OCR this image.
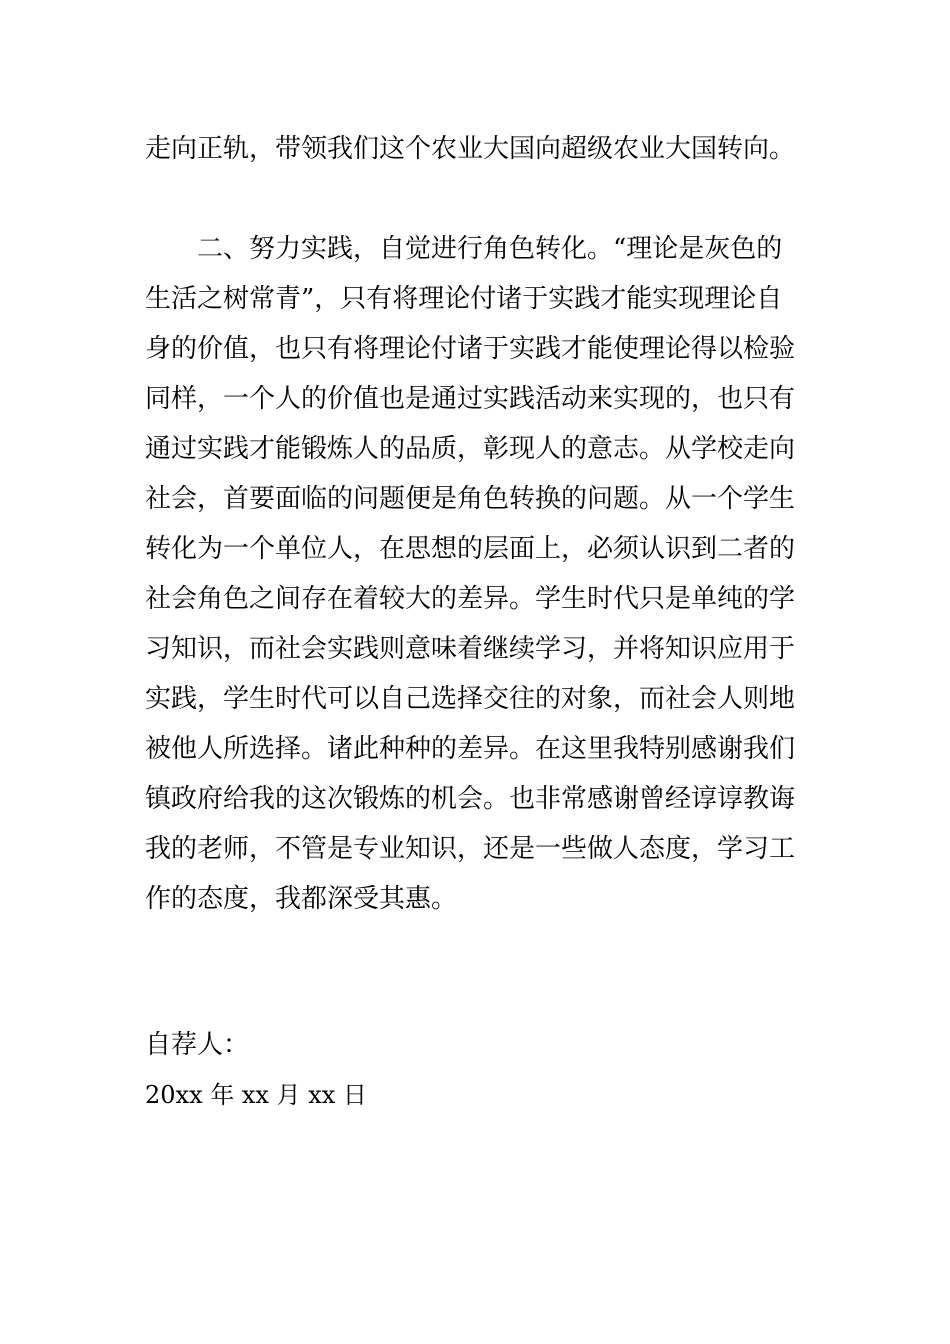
走向正轨，带领我们这个农业大国向超级农业大国转向。
二、努力实践，自觉进行角色转化。“理论是灰色的
生活之树常青”，只有将理论付诸于实践才能实现理论自
身的价值，也只有将理论付诸于实践才能使理论得以检验
同样，一个人的价值也是通过实践活动来实现的，也只有
通过实践才能锻炼人的品质，彰现人的意志。从学校走向
社会，首要面临的问题便是角色转换的问题。从一个学生
转化为一个单位人，在思想的层面上，必须认识到二者的
社会角色之间存在着较大的差异。学生时代只是单纯的学
习知识，而社会实践则意味着继续学习，并将知识应用于
实践，学生时代可以自己选择交往的对象，而社会人则地
被他人所选择。诸此种种的差异。在这里我特别感谢我们
镇政府给我的这次锻炼的机会。也非常感谢曾经谆谆教诲
我的老师，不管是专业知识，还是一些做人态度，学习工
作的态度，我都深受其惠。
自荐人：
20xx 年 xx 月 xx 日
